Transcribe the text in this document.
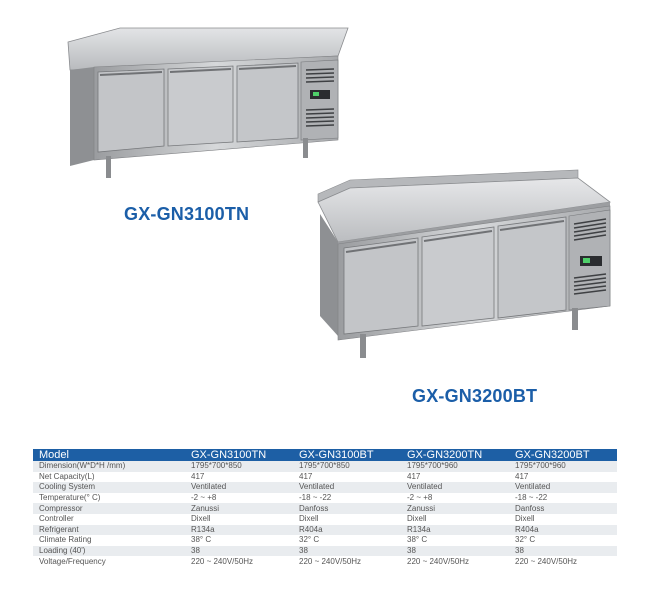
GX-GN3100TN
GX-GN3200BT
Model	GX-GN3100TN	GX-GN3100BT	GX-GN3200TN	GX-GN3200BT
Dimension(W*D*H /mm)	1795*700*850	1795*700*850	1795*700*960	1795*700*960
Net Capacity(L)	417	417	417	417
Cooling System	Ventilated	Ventilated	Ventilated	Ventilated
Temperature(° C)	-2 ~ +8	-18 ~ -22	-2 ~ +8	-18 ~ -22
Compressor	Zanussi	Danfoss	Zanussi	Danfoss
Controller	Dixell	Dixell	Dixell	Dixell
Refrigerant	R134a	R404a	R134a	R404a
Climate Rating	38° C	32° C	38° C	32° C
Loading (40')	38	38	38	38
Voltage/Frequency	220 ~ 240V/50Hz	220 ~ 240V/50Hz	220 ~ 240V/50Hz	220 ~ 240V/50Hz
